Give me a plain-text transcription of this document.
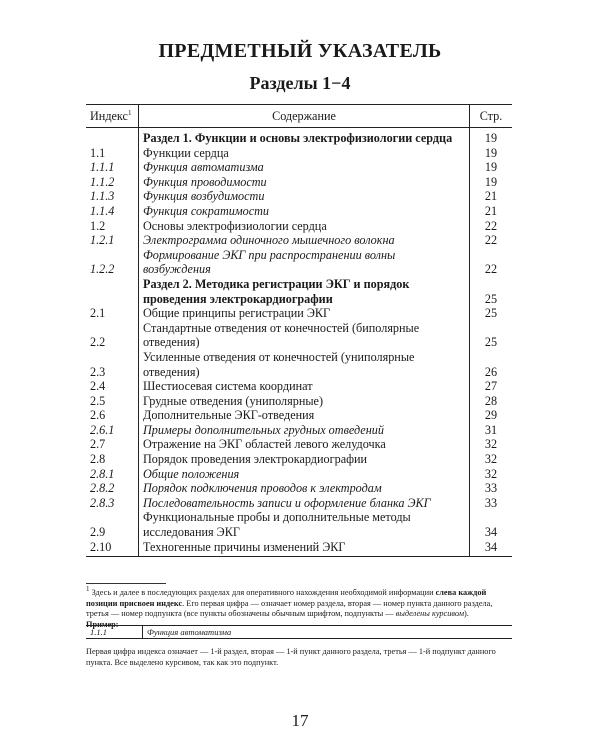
ПРЕДМЕТНЫЙ УКАЗАТЕЛЬ
Разделы 1−4
Индекс$^1$	Содержание	Стр.
	Раздел 1. Функции и основы электрофизиологии сердца	19
1.1	Функции сердца	19
1.1.1	Функция автоматизма	19
1.1.2	Функция проводимости	19
1.1.3	Функция возбудимости	21
1.1.4	Функция сократимости	21
1.2	Основы электрофизиологии сердца	22
1.2.1	Электрограмма одиночного мышечного волокна	22
1.2.2	Формирование ЭКГ при распространении волны возбуждения	22
	Раздел 2. Методика регистрации ЭКГ и порядок проведения электрокардиографии	25
2.1	Общие принципы регистрации ЭКГ	25
2.2	Стандартные отведения от конечностей (биполярные отведения)	25
2.3	Усиленные отведения от конечностей (униполярные отведения)	26
2.4	Шестиосевая система координат	27
2.5	Грудные отведения (униполярные)	28
2.6	Дополнительные ЭКГ-отведения	29
2.6.1	Примеры дополнительных грудных отведений	31
2.7	Отражение на ЭКГ областей левого желудочка	32
2.8	Порядок проведения электрокардиографии	32
2.8.1	Общие положения	32
2.8.2	Порядок подключения проводов к электродам	33
2.8.3	Последовательность записи и оформление бланка ЭКГ	33
2.9	Функциональные пробы и дополнительные методы исследования ЭКГ	34
2.10	Техногенные причины изменений ЭКГ	34
$^1$ Здесь и далее в последующих разделах для оперативного нахождения необходимой информации слева каждой позиции присвоен индекс. Его первая цифра — означает номер раздела, вторая — номер пункта данного раздела, третья — номер подпункта (все пункты обозначены обычным шрифтом, подпункты — выделены курсивом).
Пример:
1.1.1	Функция автоматизма
Первая цифра индекса означает — 1-й раздел, вторая — 1-й пункт данного раздела, третья — 1-й подпункт данного пункта. Все выделено курсивом, так как это подпункт.
17
